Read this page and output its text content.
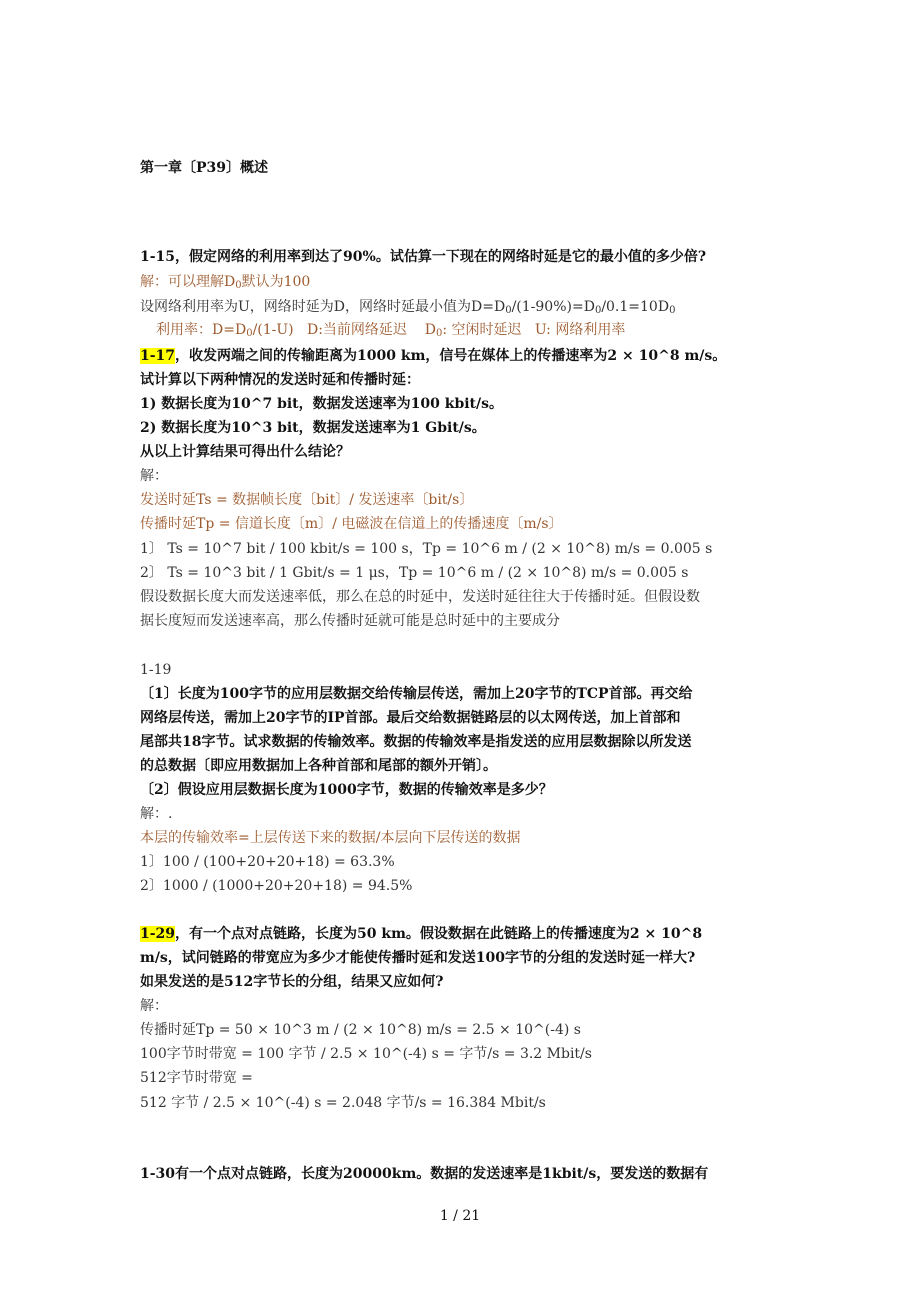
第一章〔P39〕概述
1-15，假定网络的利用率到达了90%。试估算一下现在的网络时延是它的最小值的多少倍?
解：可以理解$D_0$默认为100
设网络利用率为U，网络时延为D，网络时延最小值为$D=D_0/(1-90\%)=D_0/0.1=10D_0$
利用率：$D=D_0/(1-U)$   D:当前网络延迟    $D_0$: 空闲时延迟   U: 网络利用率
1-17，收发两端之间的传输距离为1000 km，信号在媒体上的传播速率为2 × 10^8 m/s。
试计算以下两种情况的发送时延和传播时延：
1) 数据长度为10^7 bit，数据发送速率为100 kbit/s。
2) 数据长度为10^3 bit，数据发送速率为1 Gbit/s。
从以上计算结果可得出什么结论？
解：
发送时延Ts = 数据帧长度〔bit〕/ 发送速率〔bit/s〕
传播时延Tp = 信道长度〔m〕/ 电磁波在信道上的传播速度〔m/s〕
1〕 Ts = 10^7 bit / 100 kbit/s = 100 s，Tp = 10^6 m / (2 × 10^8) m/s = 0.005 s
2〕 Ts = 10^3 bit / 1 Gbit/s = 1 μs，Tp = 10^6 m / (2 × 10^8) m/s = 0.005 s
假设数据长度大而发送速率低，那么在总的时延中，发送时延往往大于传播时延。但假设数
据长度短而发送速率高，那么传播时延就可能是总时延中的主要成分
1-19
〔1〕长度为100字节的应用层数据交给传输层传送，需加上20字节的TCP首部。再交给
网络层传送，需加上20字节的IP首部。最后交给数据链路层的以太网传送，加上首部和
尾部共18字节。试求数据的传输效率。数据的传输效率是指发送的应用层数据除以所发送
的总数据〔即应用数据加上各种首部和尾部的额外开销〕。
〔2〕假设应用层数据长度为1000字节，数据的传输效率是多少？
解：.
本层的传输效率=上层传送下来的数据/本层向下层传送的数据
1〕100 / (100+20+20+18) = 63.3%
2〕1000 / (1000+20+20+18) = 94.5%
1-29，有一个点对点链路，长度为50 km。假设数据在此链路上的传播速度为2 × 10^8
m/s，试问链路的带宽应为多少才能使传播时延和发送100字节的分组的发送时延一样大?
如果发送的是512字节长的分组，结果又应如何?
解：
传播时延Tp = 50 × 10^3 m / (2 × 10^8) m/s = 2.5 × 10^(-4) s
100字节时带宽 = 100 字节 / 2.5 × 10^(-4) s = 字节/s = 3.2 Mbit/s
512字节时带宽 =
512 字节 / 2.5 × 10^(-4) s = 2.048 字节/s = 16.384 Mbit/s
1-30有一个点对点链路，长度为20000km。数据的发送速率是1kbit/s，要发送的数据有
1 / 21
